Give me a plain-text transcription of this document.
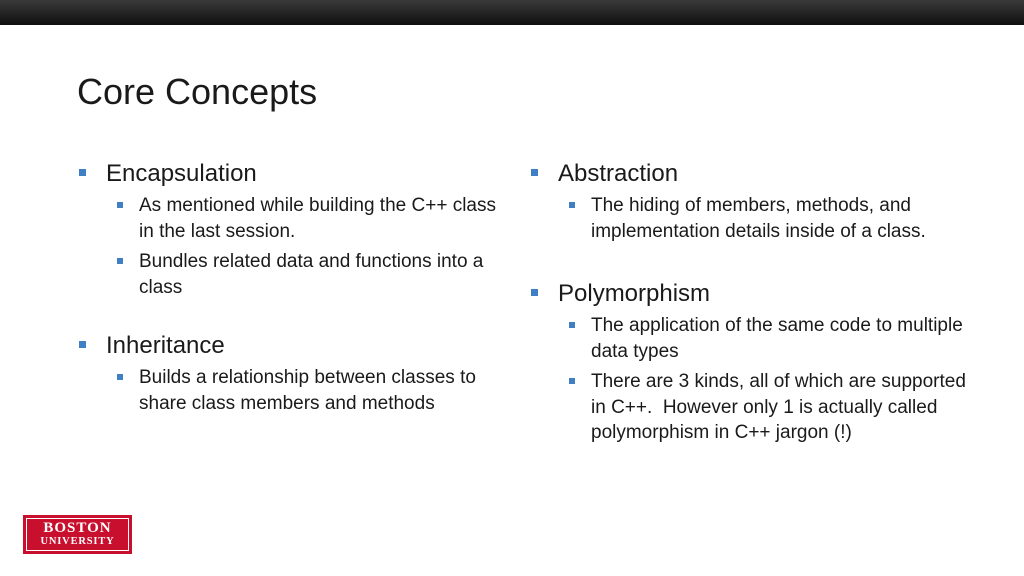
Core Concepts
Encapsulation
As mentioned while building the C++ class in the last session.
Bundles related data and functions into a class
Inheritance
Builds a relationship between classes to share class members and methods
Abstraction
The hiding of members, methods, and implementation details inside of a class.
Polymorphism
The application of the same code to multiple data types
There are 3 kinds, all of which are supported in C++.  However only 1 is actually called polymorphism in C++ jargon (!)
BOSTON
UNIVERSITY
